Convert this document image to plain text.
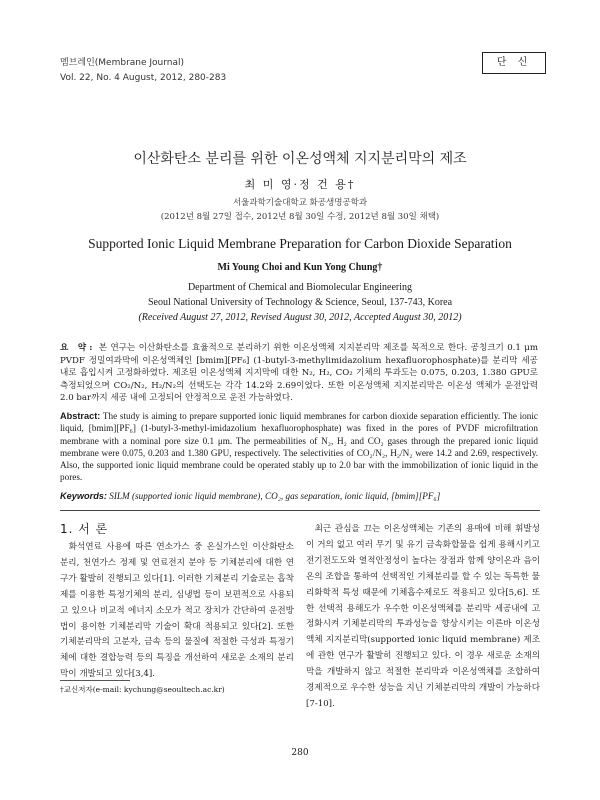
멤브레인(Membrane Journal)
Vol. 22, No. 4 August, 2012, 280-283
단 신
이산화탄소 분리를 위한 이온성액체 지지분리막의 제조
최 미 영·정 건 용†
서울과학기술대학교 화공생명공학과
(2012년 8월 27일 접수, 2012년 8월 30일 수정, 2012년 8월 30일 채택)
Supported Ionic Liquid Membrane Preparation for Carbon Dioxide Separation
Mi Young Choi and Kun Yong Chung†
Department of Chemical and Biomolecular Engineering
Seoul National University of Technology & Science, Seoul, 137-743, Korea
(Received August 27, 2012, Revised August 30, 2012, Accepted August 30, 2012)
요 약: 본 연구는 이산화탄소를 효율적으로 분리하기 위한 이온성액체 지지분리막 제조를 목적으로 한다. 공칭크기 0.1 μm PVDF 정밀여과막에 이온성액체인 [bmim][PF₆] (1-butyl-3-methylimidazolium hexafluorophosphate)를 분리막 세공 내로 흡입시켜 고정화하였다. 제조된 이온성액체 지지막에 대한 N₂, H₂, CO₂ 기체의 투과도는 0.075, 0.203, 1.380 GPU로 측정되었으며 CO₂/N₂, H₂/N₂의 선택도는 각각 14.2와 2.69이었다. 또한 이온성액체 지지분리막은 이온성 액체가 운전압력 2.0 bar까지 세공 내에 고정되어 안정적으로 운전 가능하였다.
Abstract: The study is aiming to prepare supported ionic liquid membranes for carbon dioxide separation efficiently. The ionic liquid, [bmim][PF₆] (1-butyl-3-methyl-imidazolium hexafluorophosphate) was fixed in the pores of PVDF microfiltration membrane with a nominal pore size 0.1 μm. The permeabilities of N₂, H₂ and CO₂ gases through the prepared ionic liquid membrane were 0.075, 0.203 and 1.380 GPU, respectively. The selectivities of CO₂/N₂, H₂/N₂ were 14.2 and 2.69, respectively. Also, the supported ionic liquid membrane could be operated stably up to 2.0 bar with the immobilization of ionic liquid in the pores.
Keywords: SILM (supported ionic liquid membrane), CO₂, gas separation, ionic liquid, [bmim][PF₆]
1. 서 론

화석연료 사용에 따른 연소가스 중 온실가스인 이산화탄소 분리, 천연가스 정제 및 연료전지 분야 등 기체분리에 대한 연구가 활발히 진행되고 있다[1]. 이러한 기체분리 기술로는 흡착제를 이용한 특정기체의 분리, 심냉법 등이 보편적으로 사용되고 있으나 비교적 에너지 소모가 적고 장치가 간단하여 운전방법이 용이한 기체분리막 기술이 확대 적용되고 있다[2]. 또한 기체분리막의 고분자, 금속 등의 물질에 적절한 극성과 특정기체에 대한 결합능력 등의 특징을 개선하여 새로운 소재의 분리막이 개발되고 있다[3,4].

최근 관심을 끄는 이온성액체는 기존의 용매에 비해 휘발성이 거의 없고 여러 무기 및 유기 금속화합물을 쉽게 용해시키고 전기전도도와 열적안정성이 높다는 장점과 함께 양이온과 음이온의 조합을 통하여 선택적인 기체분리를 할 수 있는 독특한 물리화학적 특성 때문에 기체흡수제로도 적용되고 있다[5,6]. 또한 선택적 용해도가 우수한 이온성액체를 분리막 세공내에 고정화시켜 기체분리막의 투과성능을 향상시키는 이른바 이온성액체 지지분리막(supported ionic liquid membrane) 제조에 관한 연구가 활발히 진행되고 있다. 이 경우 새로운 소재의 막을 개발하지 않고 적절한 분리막과 이온성액체를 조합하여 경제적으로 우수한 성능을 지닌 기체분리막의 개발이 가능하다[7-10].

†교신저자(e-mail: kychung@seoultech.ac.kr)
280
